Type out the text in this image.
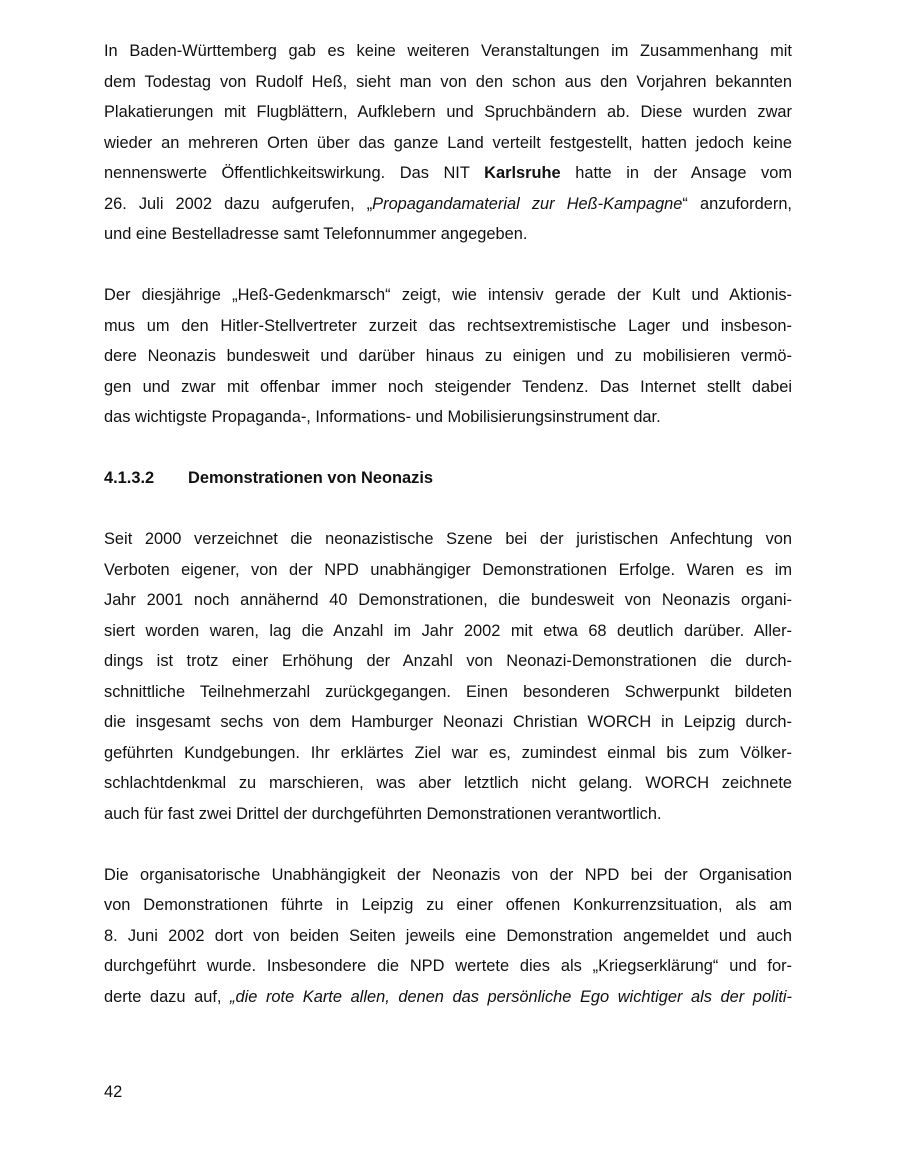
In Baden-Württemberg gab es keine weiteren Veranstaltungen im Zusammenhang mit
dem Todestag von Rudolf Heß, sieht man von den schon aus den Vorjahren bekannten
Plakatierungen mit Flugblättern, Aufklebern und Spruchbändern ab. Diese wurden zwar
wieder an mehreren Orten über das ganze Land verteilt festgestellt, hatten jedoch keine
nennenswerte Öffentlichkeitswirkung. Das NIT Karlsruhe hatte in der Ansage vom
26. Juli 2002 dazu aufgerufen, „Propagandamaterial zur Heß-Kampagne“ anzufordern,
und eine Bestelladresse samt Telefonnummer angegeben.

Der diesjährige „Heß-Gedenkmarsch“ zeigt, wie intensiv gerade der Kult und Aktionis-
mus um den Hitler-Stellvertreter zurzeit das rechtsextremistische Lager und insbeson-
dere Neonazis bundesweit und darüber hinaus zu einigen und zu mobilisieren vermö-
gen und zwar mit offenbar immer noch steigender Tendenz. Das Internet stellt dabei
das wichtigste Propaganda-, Informations- und Mobilisierungsinstrument dar.

4.1.3.2 Demonstrationen von Neonazis

Seit 2000 verzeichnet die neonazistische Szene bei der juristischen Anfechtung von
Verboten eigener, von der NPD unabhängiger Demonstrationen Erfolge. Waren es im
Jahr 2001 noch annähernd 40 Demonstrationen, die bundesweit von Neonazis organi-
siert worden waren, lag die Anzahl im Jahr 2002 mit etwa 68 deutlich darüber. Aller-
dings ist trotz einer Erhöhung der Anzahl von Neonazi-Demonstrationen die durch-
schnittliche Teilnehmerzahl zurückgegangen. Einen besonderen Schwerpunkt bildeten
die insgesamt sechs von dem Hamburger Neonazi Christian WORCH in Leipzig durch-
geführten Kundgebungen. Ihr erklärtes Ziel war es, zumindest einmal bis zum Völker-
schlachtdenkmal zu marschieren, was aber letztlich nicht gelang. WORCH zeichnete
auch für fast zwei Drittel der durchgeführten Demonstrationen verantwortlich.

Die organisatorische Unabhängigkeit der Neonazis von der NPD bei der Organisation
von Demonstrationen führte in Leipzig zu einer offenen Konkurrenzsituation, als am
8. Juni 2002 dort von beiden Seiten jeweils eine Demonstration angemeldet und auch
durchgeführt wurde. Insbesondere die NPD wertete dies als „Kriegserklärung“ und for-
derte dazu auf, „die rote Karte allen, denen das persönliche Ego wichtiger als der politi-

42
